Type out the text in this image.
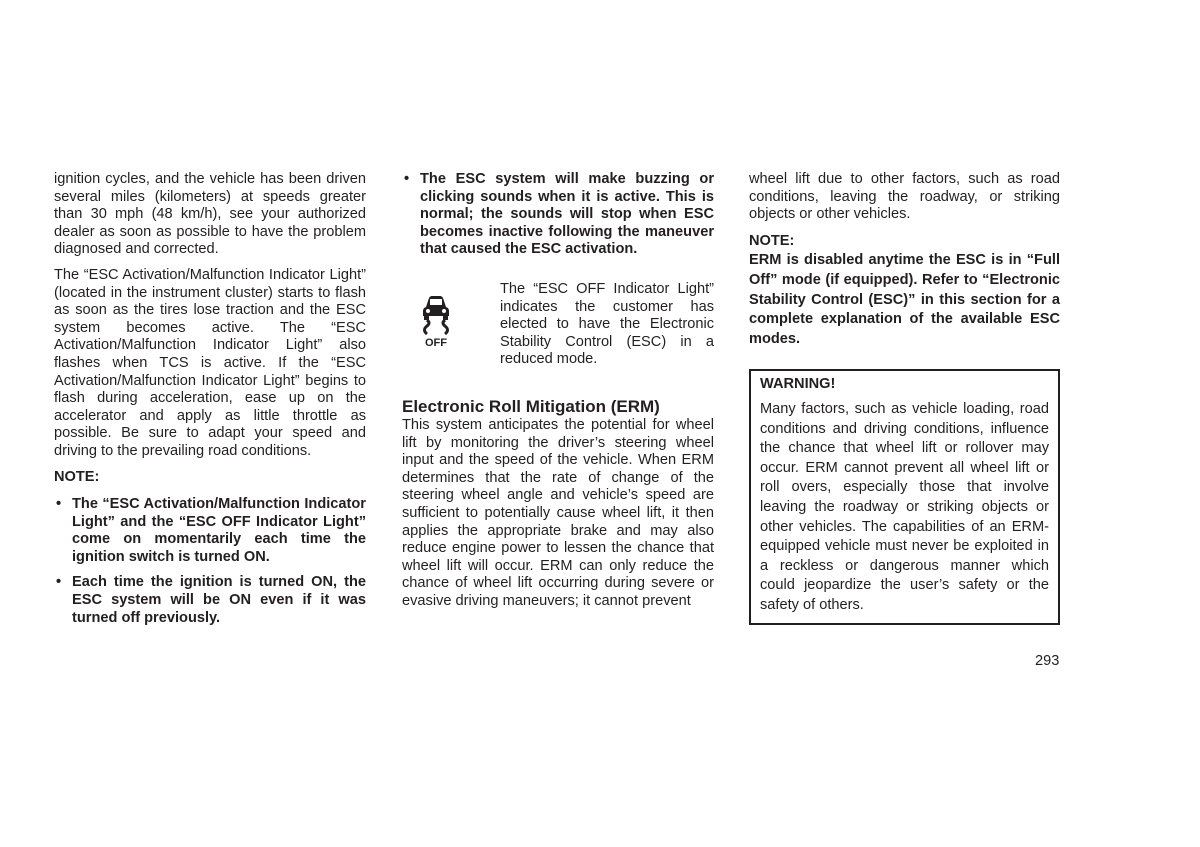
ignition cycles, and the vehicle has been driven several miles (kilometers) at speeds greater than 30 mph (48 km/h), see your authorized dealer as soon as possible to have the problem diagnosed and corrected.

The “ESC Activation/Malfunction Indicator Light” (located in the instrument cluster) starts to flash as soon as the tires lose traction and the ESC system becomes active. The “ESC Activation/Malfunction Indicator Light” also flashes when TCS is active. If the “ESC Activation/Malfunction Indicator Light” begins to flash during acceleration, ease up on the accelerator and apply as little throttle as possible. Be sure to adapt your speed and driving to the prevailing road conditions.

NOTE:
• The “ESC Activation/Malfunction Indicator Light” and the “ESC OFF Indicator Light” come on momentarily each time the ignition switch is turned ON.
• Each time the ignition is turned ON, the ESC system will be ON even if it was turned off previously.
• The ESC system will make buzzing or clicking sounds when it is active. This is normal; the sounds will stop when ESC becomes inactive following the maneuver that caused the ESC activation.
OFF

The “ESC OFF Indicator Light” indicates the customer has elected to have the Electronic Stability Control (ESC) in a reduced mode.

Electronic Roll Mitigation (ERM)

This system anticipates the potential for wheel lift by monitoring the driver’s steering wheel input and the speed of the vehicle. When ERM determines that the rate of change of the steering wheel angle and vehicle’s speed are sufficient to potentially cause wheel lift, it then applies the appropriate brake and may also reduce engine power to lessen the chance that wheel lift will occur. ERM can only reduce the chance of wheel lift occurring during severe or evasive driving maneuvers; it cannot prevent

wheel lift due to other factors, such as road conditions, leaving the roadway, or striking objects or other vehicles.

NOTE:

ERM is disabled anytime the ESC is in “Full Off” mode (if equipped). Refer to “Electronic Stability Control (ESC)” in this section for a complete explanation of the available ESC modes.

WARNING!

Many factors, such as vehicle loading, road conditions and driving conditions, influence the chance that wheel lift or rollover may occur. ERM cannot prevent all wheel lift or roll overs, especially those that involve leaving the roadway or striking objects or other vehicles. The capabilities of an ERM-equipped vehicle must never be exploited in a reckless or dangerous manner which could jeopardize the user’s safety or the safety of others.

293
